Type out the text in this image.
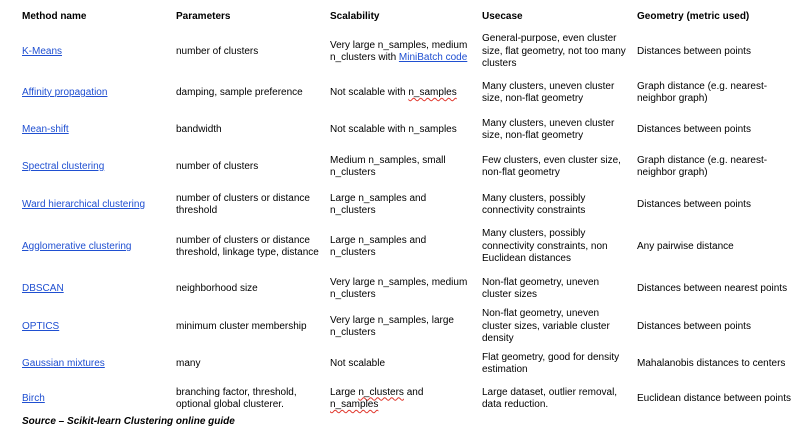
Method name	Parameters	Scalability	Usecase	Geometry (metric used)
K-Means	number of clusters	Very large n_samples, medium n_clusters with MiniBatch code	General-purpose, even cluster size, flat geometry, not too many clusters	Distances between points
Affinity propagation	damping, sample preference	Not scalable with n_samples	Many clusters, uneven cluster size, non-flat geometry	Graph distance (e.g. nearest-neighbor graph)
Mean-shift	bandwidth	Not scalable with n_samples	Many clusters, uneven cluster size, non-flat geometry	Distances between points
Spectral clustering	number of clusters	Medium n_samples, small n_clusters	Few clusters, even cluster size, non-flat geometry	Graph distance (e.g. nearest-neighbor graph)
Ward hierarchical clustering	number of clusters or distance threshold	Large n_samples and n_clusters	Many clusters, possibly connectivity constraints	Distances between points
Agglomerative clustering	number of clusters or distance threshold, linkage type, distance	Large n_samples and n_clusters	Many clusters, possibly connectivity constraints, non Euclidean distances	Any pairwise distance
DBSCAN	neighborhood size	Very large n_samples, medium n_clusters	Non-flat geometry, uneven cluster sizes	Distances between nearest points
OPTICS	minimum cluster membership	Very large n_samples, large n_clusters	Non-flat geometry, uneven cluster sizes, variable cluster density	Distances between points
Gaussian mixtures	many	Not scalable	Flat geometry, good for density estimation	Mahalanobis distances to centers
Birch	branching factor, threshold, optional global clusterer.	Large n_clusters and n_samples	Large dataset, outlier removal, data reduction.	Euclidean distance between points
Source – Scikit-learn Clustering online guide
